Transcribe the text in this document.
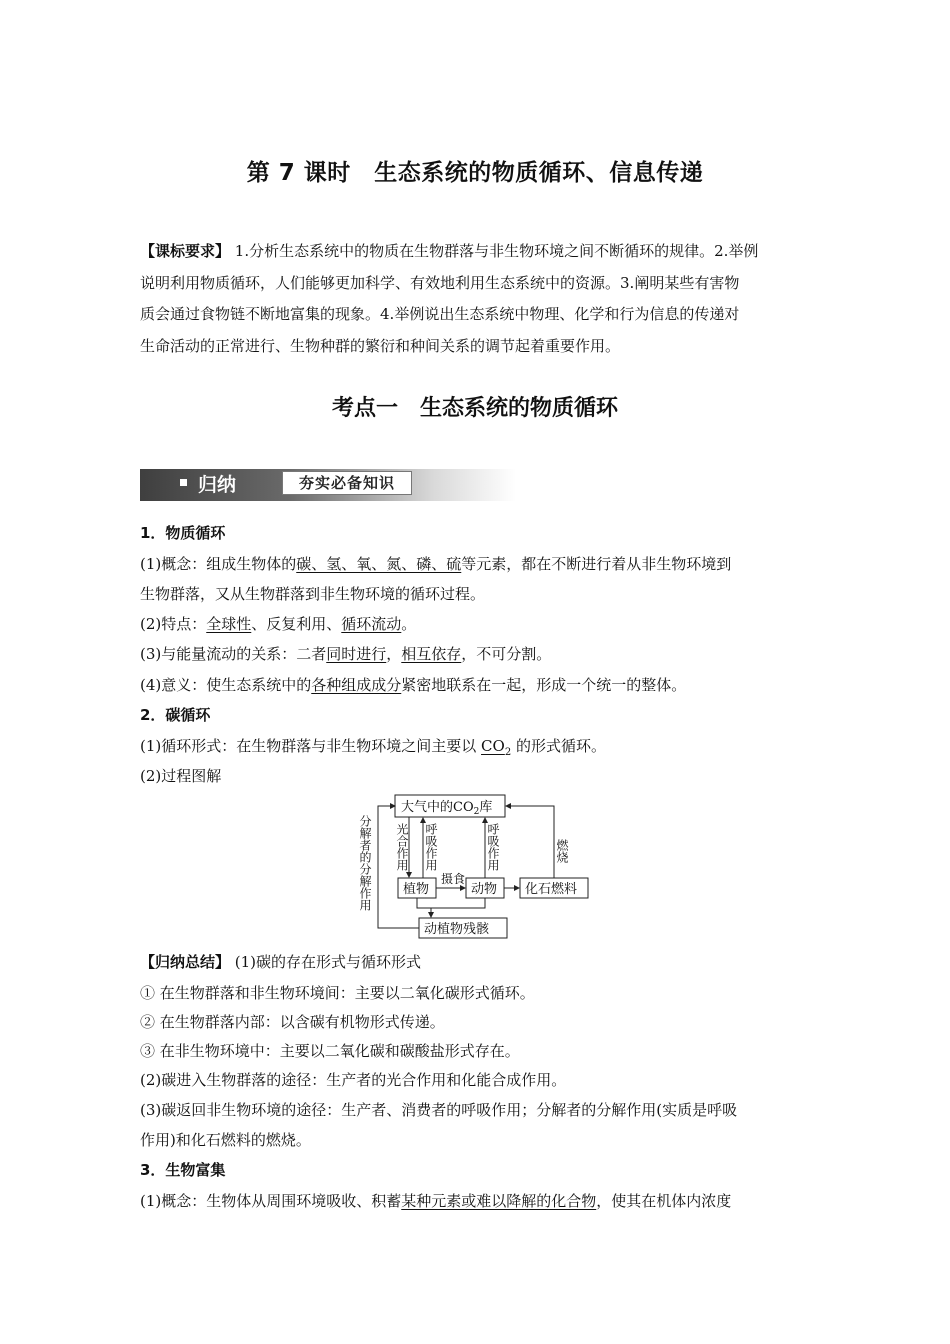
第 7 课时　生态系统的物质循环、信息传递
【课标要求】 1.分析生态系统中的物质在生物群落与非生物环境之间不断循环的规律。2.举例
说明利用物质循环，人们能够更加科学、有效地利用生态系统中的资源。3.阐明某些有害物
质会通过食物链不断地富集的现象。4.举例说出生态系统中物理、化学和行为信息的传递对
生命活动的正常进行、生物种群的繁衍和种间关系的调节起着重要作用。
考点一　生态系统的物质循环
归纳	夯实必备知识
1．物质循环
(1)概念：组成生物体的碳、氢、氧、氮、磷、硫等元素，都在不断进行着从非生物环境到
生物群落，又从生物群落到非生物环境的循环过程。
(2)特点：全球性、反复利用、循环流动。
(3)与能量流动的关系：二者同时进行，相互依存，不可分割。
(4)意义：使生态系统中的各种组成成分紧密地联系在一起，形成一个统一的整体。
2．碳循环
(1)循环形式：在生物群落与非生物环境之间主要以 $CO_2$ 的形式循环。
(2)过程图解
大气中的$CO_2$库
植物	动物 化石燃料
动植物残骸
分解者的分解作用 光合作用 呼吸作用	呼吸作用	燃烧
摄食
【归纳总结】 (1)碳的存在形式与循环形式
① 在生物群落和非生物环境间：主要以二氧化碳形式循环。
② 在生物群落内部：以含碳有机物形式传递。
③ 在非生物环境中：主要以二氧化碳和碳酸盐形式存在。
(2)碳进入生物群落的途径：生产者的光合作用和化能合成作用。
(3)碳返回非生物环境的途径：生产者、消费者的呼吸作用；分解者的分解作用(实质是呼吸
作用)和化石燃料的燃烧。
3．生物富集
(1)概念：生物体从周围环境吸收、积蓄某种元素或难以降解的化合物，使其在机体内浓度
